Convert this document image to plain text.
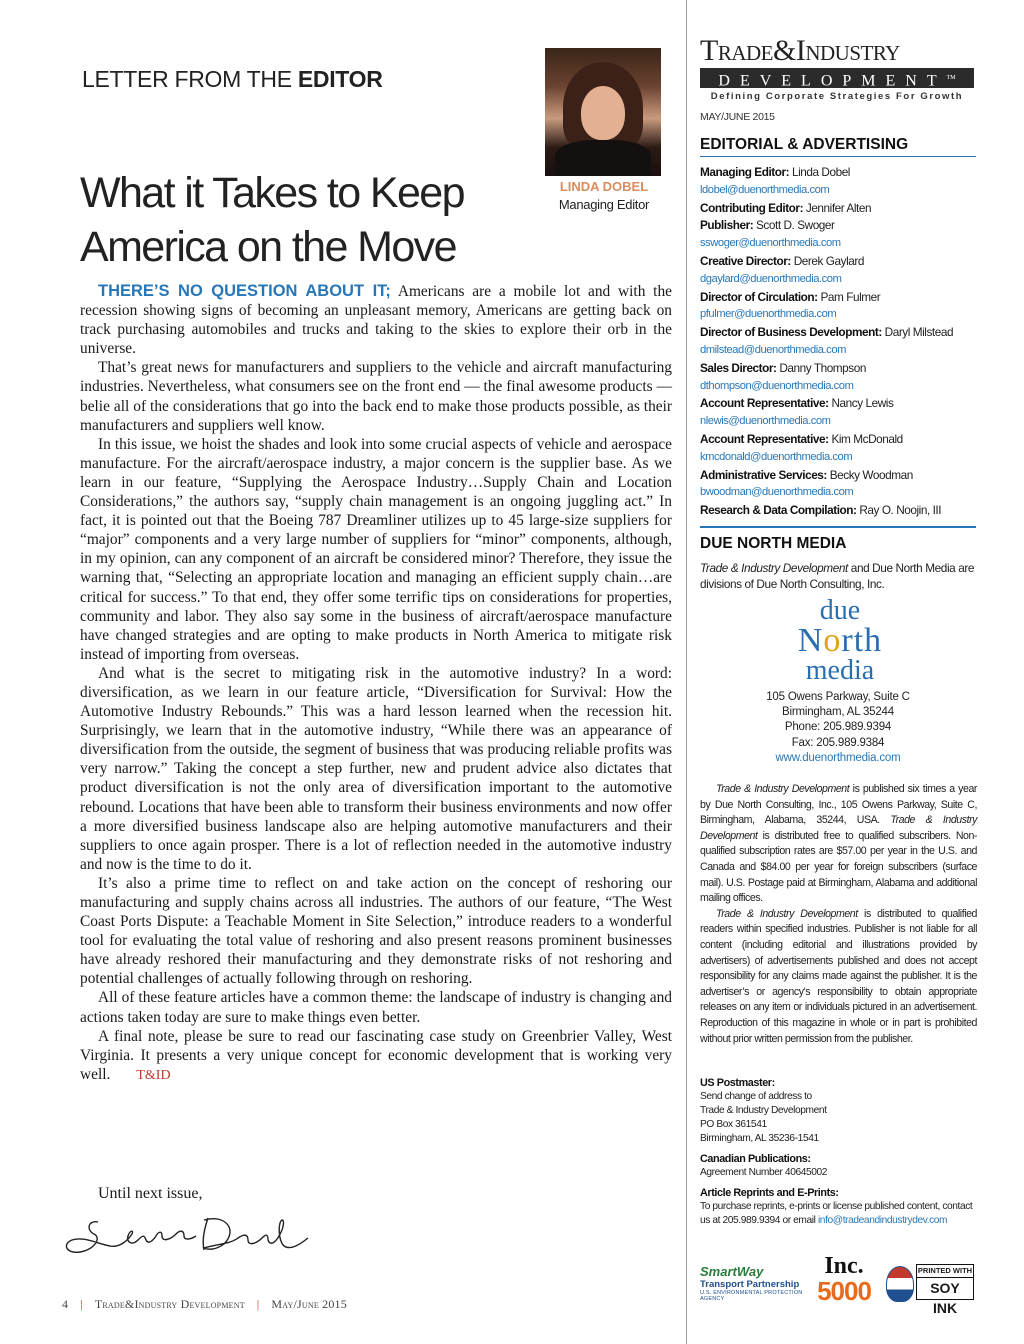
LETTER FROM THE EDITOR
What it Takes to Keep America on the Move
LINDA DOBEL
Managing Editor

THERE’S NO QUESTION ABOUT IT; Americans are a mobile lot and with the recession showing signs of becoming an unpleasant memory, Americans are getting back on track purchasing automobiles and trucks and taking to the skies to explore their orb in the universe.

That’s great news for manufacturers and suppliers to the vehicle and aircraft manufacturing industries. Nevertheless, what consumers see on the front end — the final awesome products — belie all of the considerations that go into the back end to make those products possible, as their manufacturers and suppliers well know.

In this issue, we hoist the shades and look into some crucial aspects of vehicle and aerospace manufacture. For the aircraft/aerospace industry, a major concern is the supplier base. As we learn in our feature, “Supplying the Aerospace Industry…Supply Chain and Location Considerations,” the authors say, “supply chain management is an ongoing juggling act.” In fact, it is pointed out that the Boeing 787 Dreamliner utilizes up to 45 large-size suppliers for “major” components and a very large number of suppliers for “minor” components, although, in my opinion, can any component of an aircraft be considered minor? Therefore, they issue the warning that, “Selecting an appropriate location and managing an efficient supply chain…are critical for success.” To that end, they offer some terrific tips on considerations for properties, community and labor. They also say some in the business of aircraft/aerospace manufacture have changed strategies and are opting to make products in North America to mitigate risk instead of importing from overseas.

And what is the secret to mitigating risk in the automotive industry? In a word: diversification, as we learn in our feature article, “Diversification for Survival: How the Automotive Industry Rebounds.” This was a hard lesson learned when the recession hit. Surprisingly, we learn that in the automotive industry, “While there was an appearance of diversification from the outside, the segment of business that was producing reliable profits was very narrow.” Taking the concept a step further, new and prudent advice also dictates that product diversification is not the only area of diversification important to the automotive rebound. Locations that have been able to transform their business environments and now offer a more diversified business landscape also are helping automotive manufacturers and their suppliers to once again prosper. There is a lot of reflection needed in the automotive industry and now is the time to do it.

It’s also a prime time to reflect on and take action on the concept of reshoring our manufacturing and supply chains across all industries. The authors of our feature, “The West Coast Ports Dispute: a Teachable Moment in Site Selection,” introduce readers to a wonderful tool for evaluating the total value of reshoring and also present reasons prominent businesses have already reshored their manufacturing and they demonstrate risks of not reshoring and potential challenges of actually following through on reshoring.

All of these feature articles have a common theme: the landscape of industry is changing and actions taken today are sure to make things even better.

A final note, please be sure to read our fascinating case study on Greenbrier Valley, West Virginia. It presents a very unique concept for economic development that is working very well. T&ID

Until next issue,
4 | Trade&Industry Development | May/June 2015
Trade&Industry
DEVELOPMENT™
Defining Corporate Strategies For Growth
MAY/JUNE 2015
EDITORIAL & ADVERTISING
Managing Editor: Linda Dobel
ldobel@duenorthmedia.com
Contributing Editor: Jennifer Alten
Publisher: Scott D. Swoger
sswoger@duenorthmedia.com
Creative Director: Derek Gaylard
dgaylard@duenorthmedia.com
Director of Circulation: Pam Fulmer
pfulmer@duenorthmedia.com
Director of Business Development: Daryl Milstead
dmilstead@duenorthmedia.com
Sales Director: Danny Thompson
dthompson@duenorthmedia.com
Account Representative: Nancy Lewis
nlewis@duenorthmedia.com
Account Representative: Kim McDonald
kmcdonald@duenorthmedia.com
Administrative Services: Becky Woodman
bwoodman@duenorthmedia.com
Research & Data Compilation: Ray O. Noojin, III
DUE NORTH MEDIA
Trade & Industry Development and Due North Media are divisions of Due North Consulting, Inc.
due
North
media
105 Owens Parkway, Suite C
Birmingham, AL 35244
Phone: 205.989.9394
Fax: 205.989.9384
www.duenorthmedia.com

Trade & Industry Development is published six times a year by Due North Consulting, Inc., 105 Owens Parkway, Suite C, Birmingham, Alabama, 35244, USA. Trade & Industry Development is distributed free to qualified subscribers. Non-qualified subscription rates are $57.00 per year in the U.S. and Canada and $84.00 per year for foreign subscribers (surface mail). U.S. Postage paid at Birmingham, Alabama and additional mailing offices.

Trade & Industry Development is distributed to qualified readers within specified industries. Publisher is not liable for all content (including editorial and illustrations provided by advertisers) of advertisements published and does not accept responsibility for any claims made against the publisher. It is the advertiser’s or agency’s responsibility to obtain appropriate releases on any item or individuals pictured in an advertisement. Reproduction of this magazine in whole or in part is prohibited without prior written permission from the publisher.

US Postmaster:
Send change of address to
Trade & Industry Development
PO Box 361541
Birmingham, AL 35236-1541
Canadian Publications:
Agreement Number 40645002
Article Reprints and E-Prints:
To purchase reprints, e-prints or license published content, contact us at 205.989.9394 or email info@tradeandindustrydev.com
SmartWay
Transport Partnership
U.S. ENVIRONMENTAL PROTECTION AGENCY
Inc.
5000
PRINTED WITH
SOY INK
